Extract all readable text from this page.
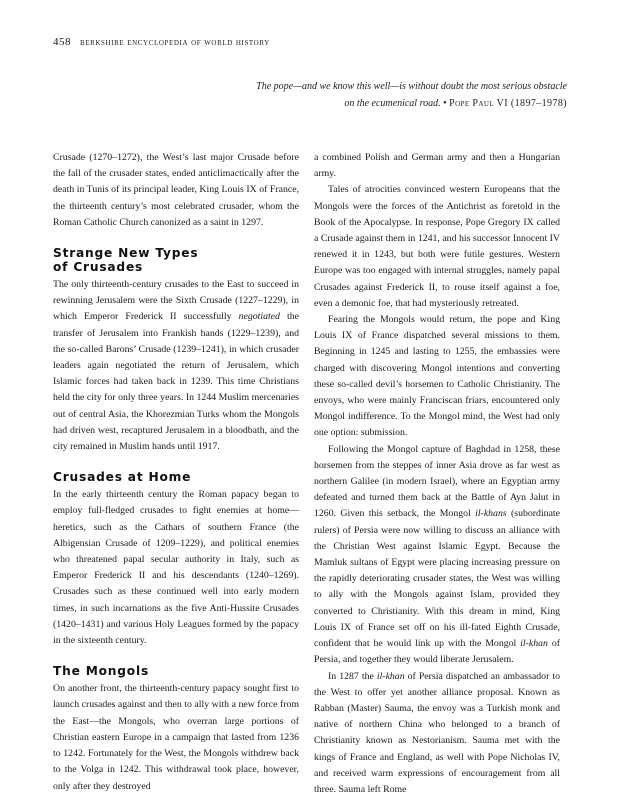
458 berkshire encyclopedia of world history
The pope—and we know this well—is without doubt the most serious obstacle on the ecumenical road. • Pope Paul VI (1897–1978)

Crusade (1270–1272), the West’s last major Crusade before the fall of the crusader states, ended anticlimactically after the death in Tunis of its principal leader, King Louis IX of France, the thirteenth century’s most celebrated crusader, whom the Roman Catholic Church canonized as a saint in 1297.

Strange New Types
of Crusades

The only thirteenth-century crusades to the East to succeed in rewinning Jerusalem were the Sixth Crusade (1227–1229), in which Emperor Frederick II successfully negotiated the transfer of Jerusalem into Frankish hands (1229–1239), and the so-called Barons’ Crusade (1239–1241), in which crusader leaders again negotiated the return of Jerusalem, which Islamic forces had taken back in 1239. This time Christians held the city for only three years. In 1244 Muslim mercenaries out of central Asia, the Khorezmian Turks whom the Mongols had driven west, recaptured Jerusalem in a bloodbath, and the city remained in Muslim hands until 1917.

Crusades at Home

In the early thirteenth century the Roman papacy began to employ full-fledged crusades to fight enemies at home—heretics, such as the Cathars of southern France (the Albigensian Crusade of 1209–1229), and political enemies who threatened papal secular authority in Italy, such as Emperor Frederick II and his descendants (1240–1269). Crusades such as these continued well into early modern times, in such incarnations as the five Anti-Hussite Crusades (1420–1431) and various Holy Leagues formed by the papacy in the sixteenth century.

The Mongols

On another front, the thirteenth-century papacy sought first to launch crusades against and then to ally with a new force from the East—the Mongols, who overran large portions of Christian eastern Europe in a campaign that lasted from 1236 to 1242. Fortunately for the West, the Mongols withdrew back to the Volga in 1242. This withdrawal took place, however, only after they destroyed

a combined Polish and German army and then a Hungarian army.

Tales of atrocities convinced western Europeans that the Mongols were the forces of the Antichrist as foretold in the Book of the Apocalypse. In response, Pope Gregory IX called a Crusade against them in 1241, and his successor Innocent IV renewed it in 1243, but both were futile gestures. Western Europe was too engaged with internal struggles, namely papal Crusades against Frederick II, to rouse itself against a foe, even a demonic foe, that had mysteriously retreated.

Fearing the Mongols would return, the pope and King Louis IX of France dispatched several missions to them. Beginning in 1245 and lasting to 1255, the embassies were charged with discovering Mongol intentions and converting these so-called devil’s horsemen to Catholic Christianity. The envoys, who were mainly Franciscan friars, encountered only Mongol indifference. To the Mongol mind, the West had only one option: submission.

Following the Mongol capture of Baghdad in 1258, these horsemen from the steppes of inner Asia drove as far west as northern Galilee (in modern Israel), where an Egyptian army defeated and turned them back at the Battle of Ayn Jalut in 1260. Given this setback, the Mongol il-khans (subordinate rulers) of Persia were now willing to discuss an alliance with the Christian West against Islamic Egypt. Because the Mamluk sultans of Egypt were placing increasing pressure on the rapidly deteriorating crusader states, the West was willing to ally with the Mongols against Islam, provided they converted to Christianity. With this dream in mind, King Louis IX of France set off on his ill-fated Eighth Crusade, confident that he would link up with the Mongol il-khan of Persia, and together they would liberate Jerusalem.

In 1287 the il-khan of Persia dispatched an ambassador to the West to offer yet another alliance proposal. Known as Rabban (Master) Sauma, the envoy was a Turkish monk and native of northern China who belonged to a branch of Christianity known as Nestorianism. Sauma met with the kings of France and England, as well with Pope Nicholas IV, and received warm expressions of encouragement from all three. Sauma left Rome
